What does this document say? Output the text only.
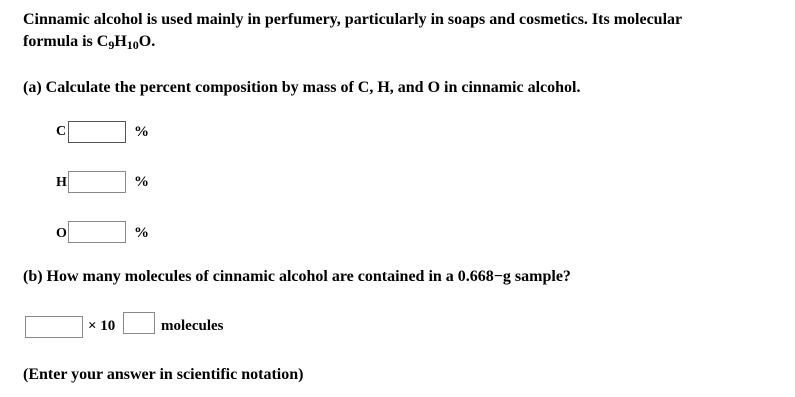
Cinnamic alcohol is used mainly in perfumery, particularly in soaps and cosmetics. Its molecular
formula is $C_9H_{10}O$.
(a) Calculate the percent composition by mass of C, H, and O in cinnamic alcohol.
C	%
H	%
O	%
(b) How many molecules of cinnamic alcohol are contained in a 0.668−g sample?
× 10	molecules
(Enter your answer in scientific notation)
